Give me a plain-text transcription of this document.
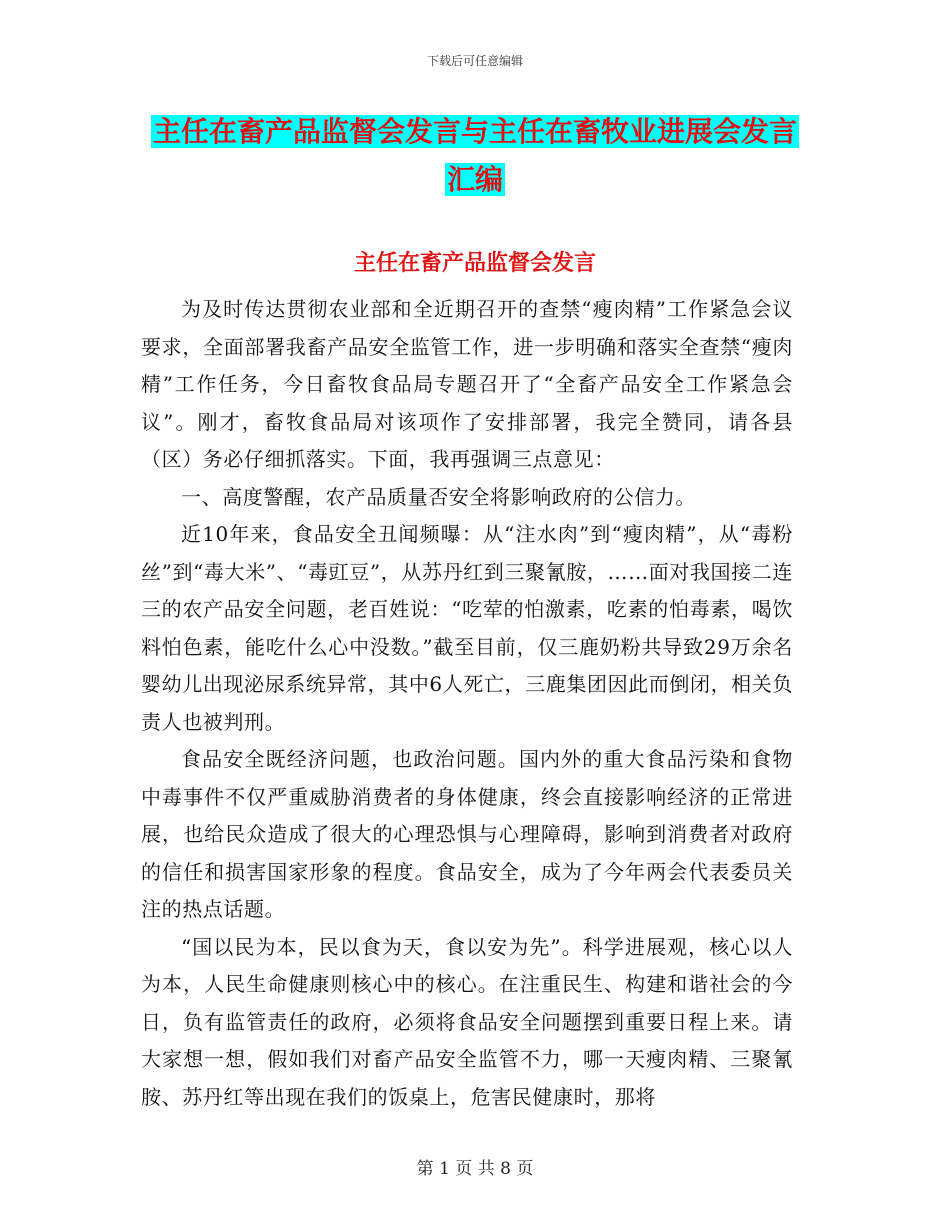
下载后可任意编辑
主任在畜产品监督会发言与主任在畜牧业进展会发言
汇编
主任在畜产品监督会发言

为及时传达贯彻农业部和全近期召开的查禁“瘦肉精”工作紧急会议要求，全面部署我畜产品安全监管工作，进一步明确和落实全查禁“瘦肉精”工作任务，今日畜牧食品局专题召开了“全畜产品安全工作紧急会议”。刚才，畜牧食品局对该项作了安排部署，我完全赞同，请各县（区）务必仔细抓落实。下面，我再强调三点意见：

一、高度警醒，农产品质量否安全将影响政府的公信力。

近10年来，食品安全丑闻频曝：从“注水肉”到“瘦肉精”，从“毒粉丝”到“毒大米”、“毒豇豆”，从苏丹红到三聚氰胺，……面对我国接二连三的农产品安全问题，老百姓说：“吃荤的怕激素，吃素的怕毒素，喝饮料怕色素，能吃什么心中没数。”截至目前，仅三鹿奶粉共导致29万余名婴幼儿出现泌尿系统异常，其中6人死亡，三鹿集团因此而倒闭，相关负责人也被判刑。

食品安全既经济问题，也政治问题。国内外的重大食品污染和食物中毒事件不仅严重威胁消费者的身体健康，终会直接影响经济的正常进展，也给民众造成了很大的心理恐惧与心理障碍，影响到消费者对政府的信任和损害国家形象的程度。食品安全，成为了今年两会代表委员关注的热点话题。

“国以民为本，民以食为天，食以安为先”。科学进展观，核心以人为本，人民生命健康则核心中的核心。在注重民生、构建和谐社会的今日，负有监管责任的政府，必须将食品安全问题摆到重要日程上来。请大家想一想，假如我们对畜产品安全监管不力，哪一天瘦肉精、三聚氰胺、苏丹红等出现在我们的饭桌上，危害民健康时，那将

第 1 页 共 8 页
